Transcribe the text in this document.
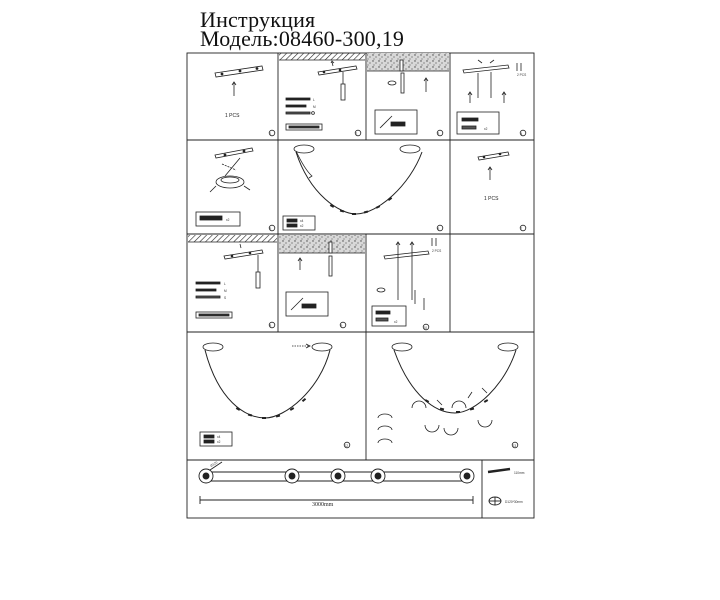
Инструкция
Модель:08460-300,19
1
1 PCS
2
L
M
3	4
2 PCS
x2
5
x2
6
x4
x2
7
1 PCS
8
L
M
S
9	10
2 PCS
x2
12
x4
x2
13
3000mm
Ø120
110mm
D120*30mm
